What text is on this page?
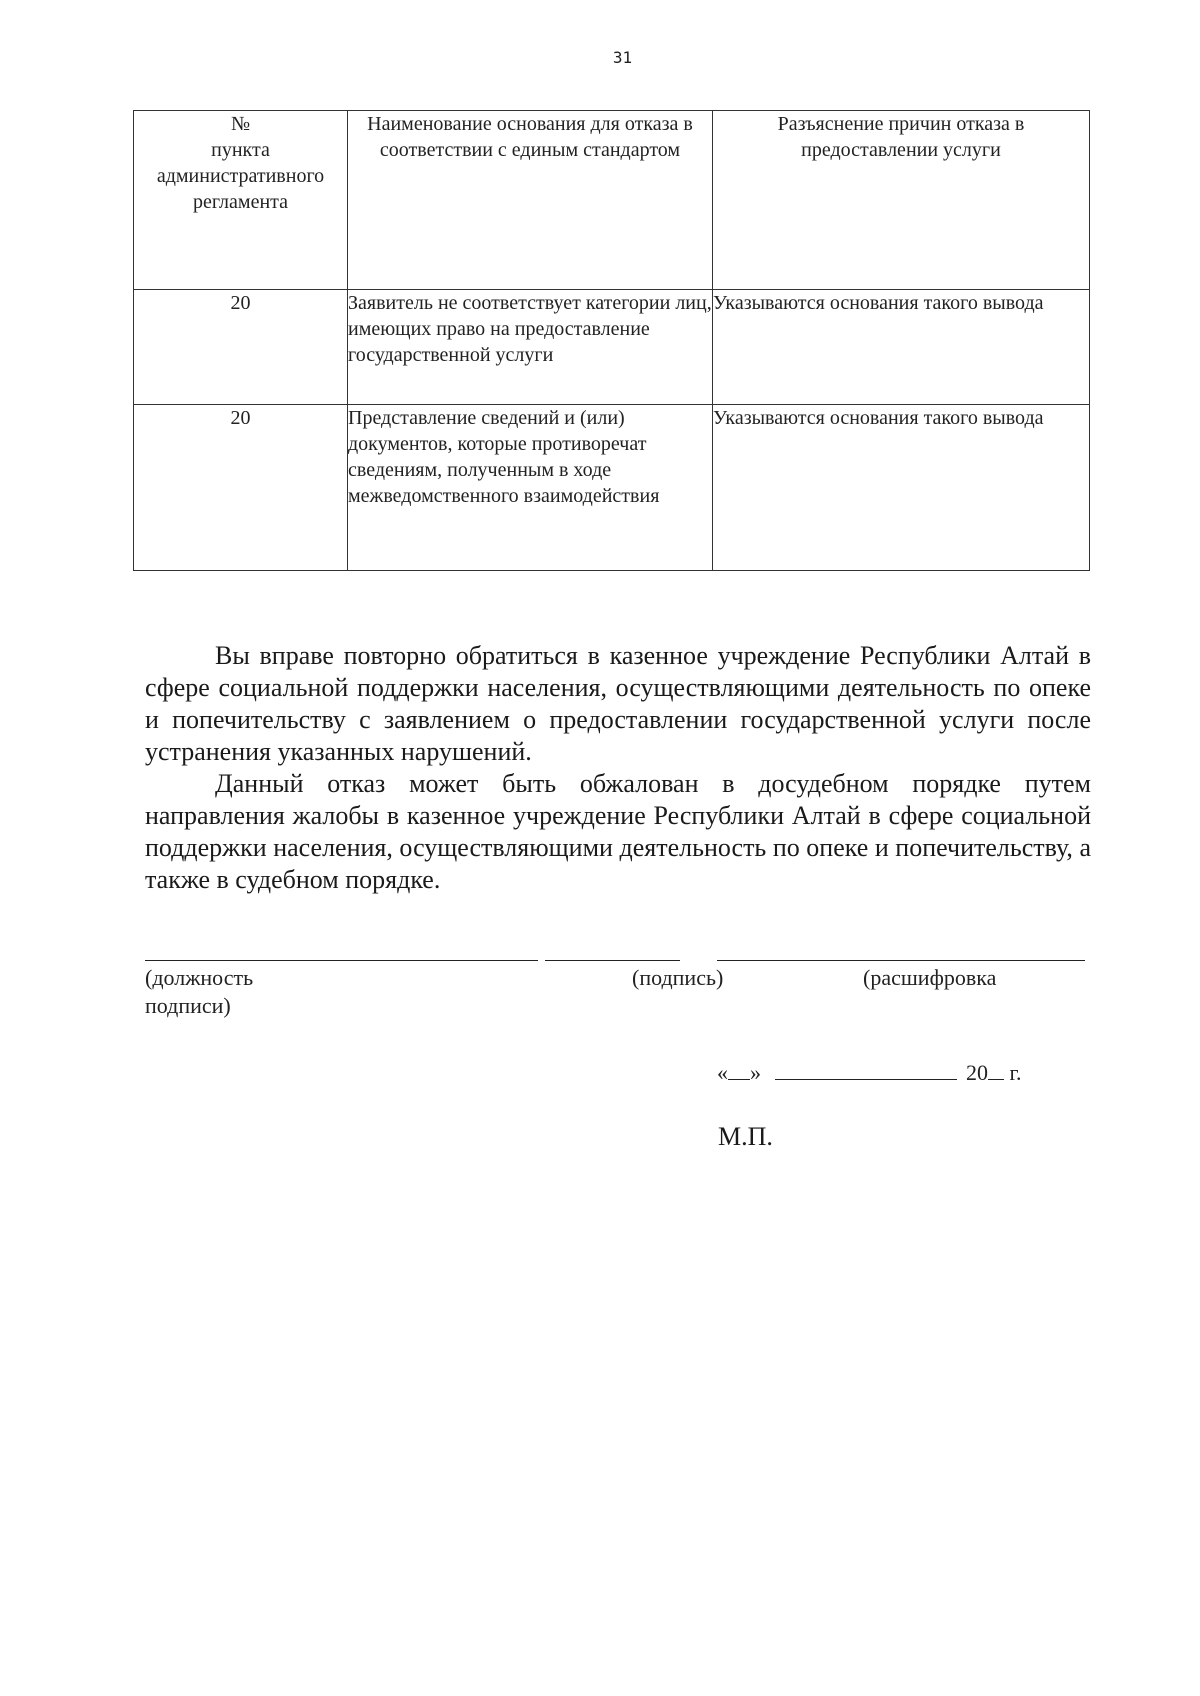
31
№
пункта
административного
регламента	Наименование основания для отказа в соответствии с единым стандартом	Разъяснение причин отказа в предоставлении услуги
20	Заявитель не соответствует категории лиц, имеющих право на предоставление государственной услуги	Указываются основания такого вывода
20	Представление сведений и (или) документов, которые противоречат сведениям, полученным в ходе межведомственного взаимодействия	Указываются основания такого вывода

Вы вправе повторно обратиться в казенное учреждение Республики Алтай в сфере социальной поддержки населения, осуществляющими деятельность по опеке и попечительству с заявлением о предоставлении государственной услуги после устранения указанных нарушений.

Данный отказ может быть обжалован в досудебном порядке путем направления жалобы в казенное учреждение Республики Алтай в сфере социальной поддержки населения, осуществляющими деятельность по опеке и попечительству, а также в судебном порядке.

(должность
подписи)
(подпись)	(расшифровка
« »	20 г.
М.П.
